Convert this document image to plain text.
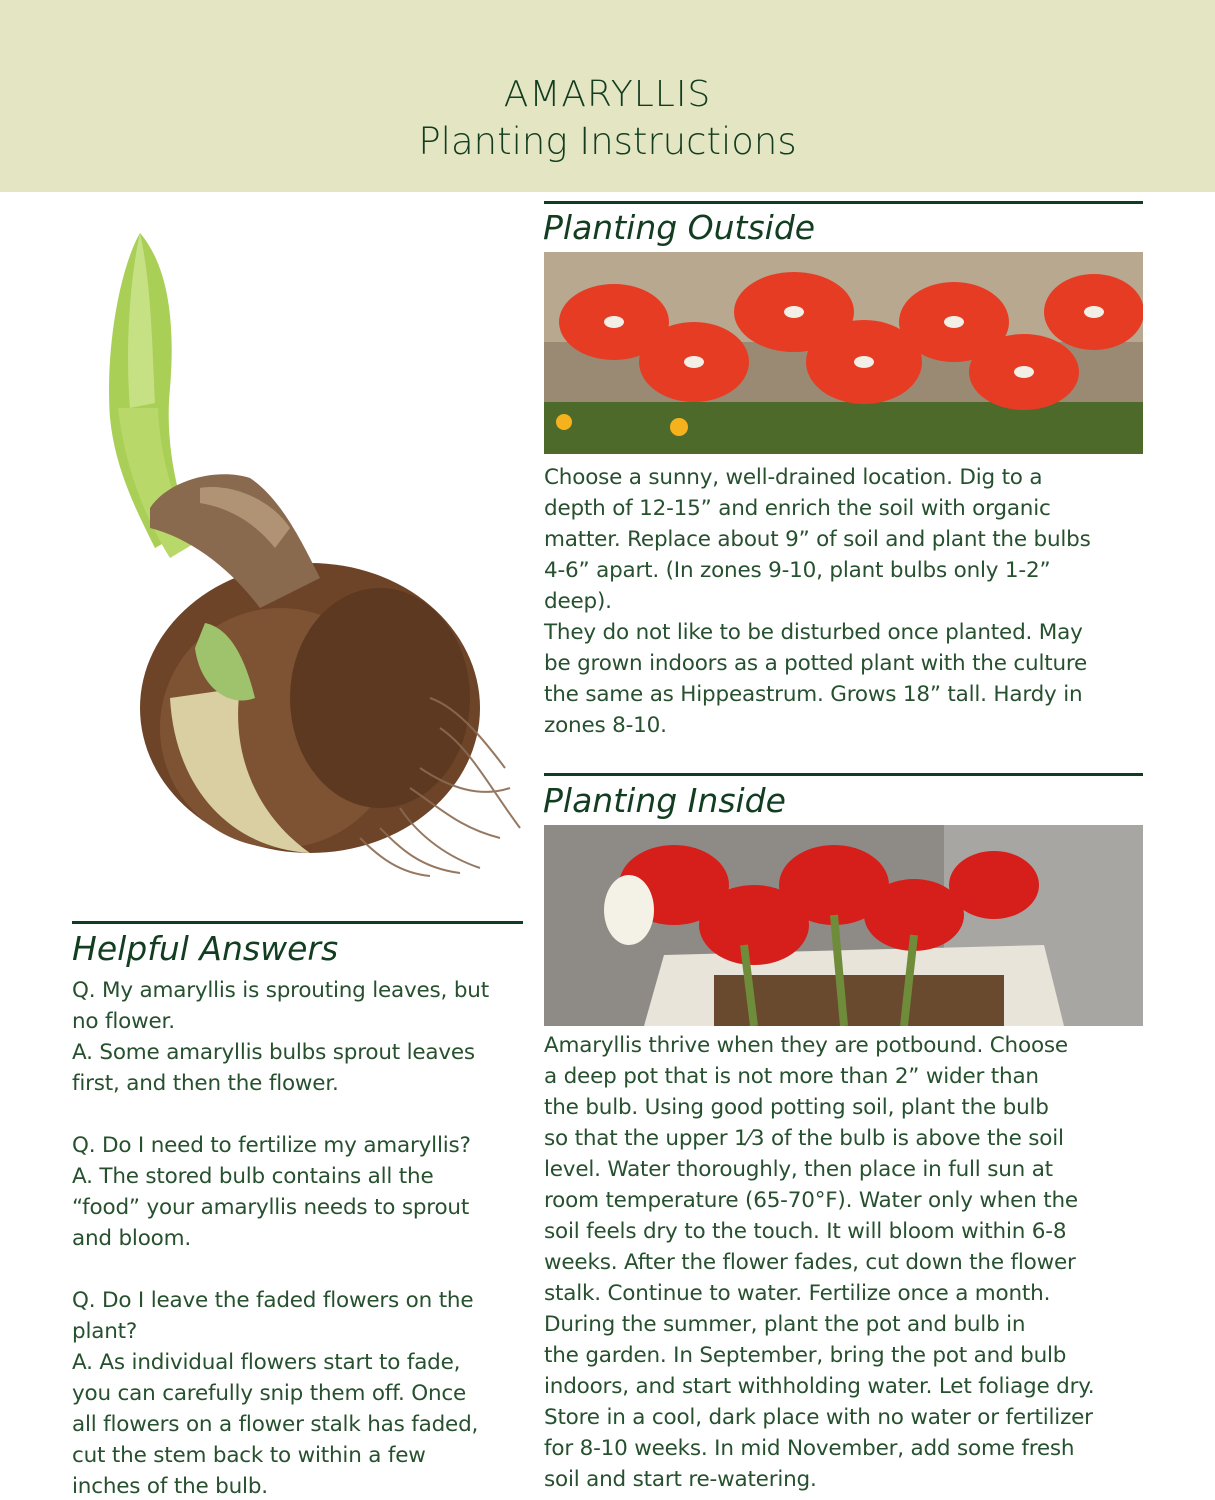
AMARYLLIS
Planting Instructions
Planting Outside

Choose a sunny, well-drained location. Dig to a

depth of 12-15” and enrich the soil with organic

matter. Replace about 9” of soil and plant the bulbs

4-6” apart. (In zones 9-10, plant bulbs only 1-2”

deep).

They do not like to be disturbed once planted. May

be grown indoors as a potted plant with the culture

the same as Hippeastrum. Grows 18” tall. Hardy in

zones 8-10.

Planting Inside

Amaryllis thrive when they are potbound. Choose

a deep pot that is not more than 2” wider than

the bulb. Using good potting soil, plant the bulb

so that the upper 1⁄3 of the bulb is above the soil

level. Water thoroughly, then place in full sun at

room temperature (65-70°F). Water only when the

soil feels dry to the touch. It will bloom within 6-8

weeks. After the flower fades, cut down the flower

stalk. Continue to water. Fertilize once a month.

During the summer, plant the pot and bulb in

the garden. In September, bring the pot and bulb

indoors, and start withholding water. Let foliage dry.

Store in a cool, dark place with no water or fertilizer

for 8-10 weeks. In mid November, add some fresh

soil and start re-watering.

Helpful Answers

Q. My amaryllis is sprouting leaves, but

no flower.

A. Some amaryllis bulbs sprout leaves

first, and then the flower.

Q. Do I need to fertilize my amaryllis?

A. The stored bulb contains all the

“food” your amaryllis needs to sprout

and bloom.

Q. Do I leave the faded flowers on the

plant?

A. As individual flowers start to fade,

you can carefully snip them off. Once

all flowers on a flower stalk has faded,

cut the stem back to within a few

inches of the bulb.
